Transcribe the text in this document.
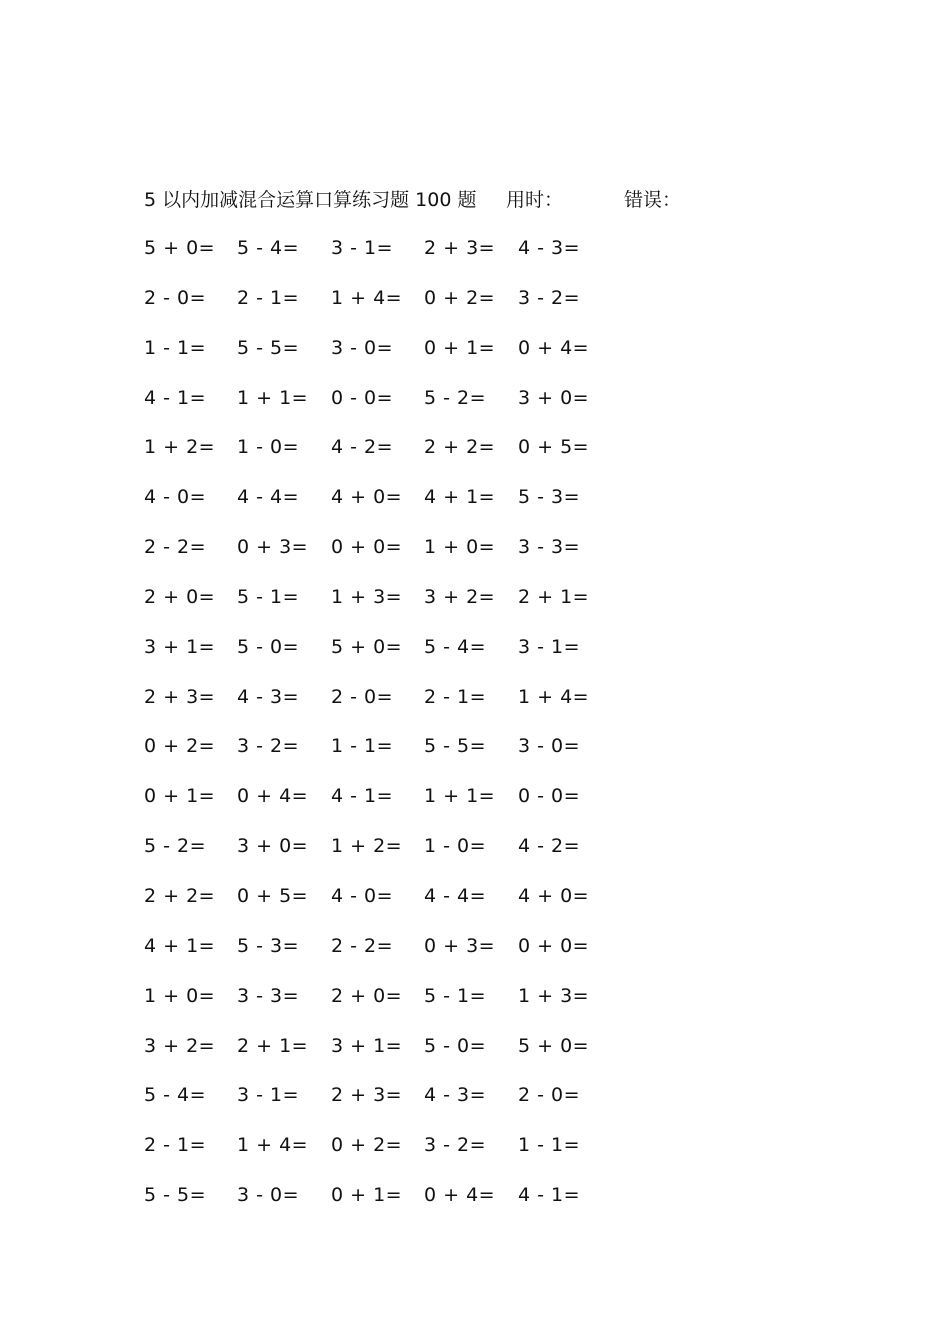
5 以内加减混合运算口算练习题 100 题 用时：	错误：
5 + 0= 5 - 4= 3 - 1= 2 + 3= 4 - 3=
2 - 0= 2 - 1= 1 + 4= 0 + 2= 3 - 2=
1 - 1= 5 - 5= 3 - 0= 0 + 1= 0 + 4=
4 - 1= 1 + 1= 0 - 0= 5 - 2= 3 + 0=
1 + 2= 1 - 0= 4 - 2= 2 + 2= 0 + 5=
4 - 0= 4 - 4= 4 + 0= 4 + 1= 5 - 3=
2 - 2= 0 + 3= 0 + 0= 1 + 0= 3 - 3=
2 + 0= 5 - 1= 1 + 3= 3 + 2= 2 + 1=
3 + 1= 5 - 0= 5 + 0= 5 - 4= 3 - 1=
2 + 3= 4 - 3= 2 - 0= 2 - 1= 1 + 4=
0 + 2= 3 - 2= 1 - 1= 5 - 5= 3 - 0=
0 + 1= 0 + 4= 4 - 1= 1 + 1= 0 - 0=
5 - 2= 3 + 0= 1 + 2= 1 - 0= 4 - 2=
2 + 2= 0 + 5= 4 - 0= 4 - 4= 4 + 0=
4 + 1= 5 - 3= 2 - 2= 0 + 3= 0 + 0=
1 + 0= 3 - 3= 2 + 0= 5 - 1= 1 + 3=
3 + 2= 2 + 1= 3 + 1= 5 - 0= 5 + 0=
5 - 4= 3 - 1= 2 + 3= 4 - 3= 2 - 0=
2 - 1= 1 + 4= 0 + 2= 3 - 2= 1 - 1=
5 - 5= 3 - 0= 0 + 1= 0 + 4= 4 - 1=
